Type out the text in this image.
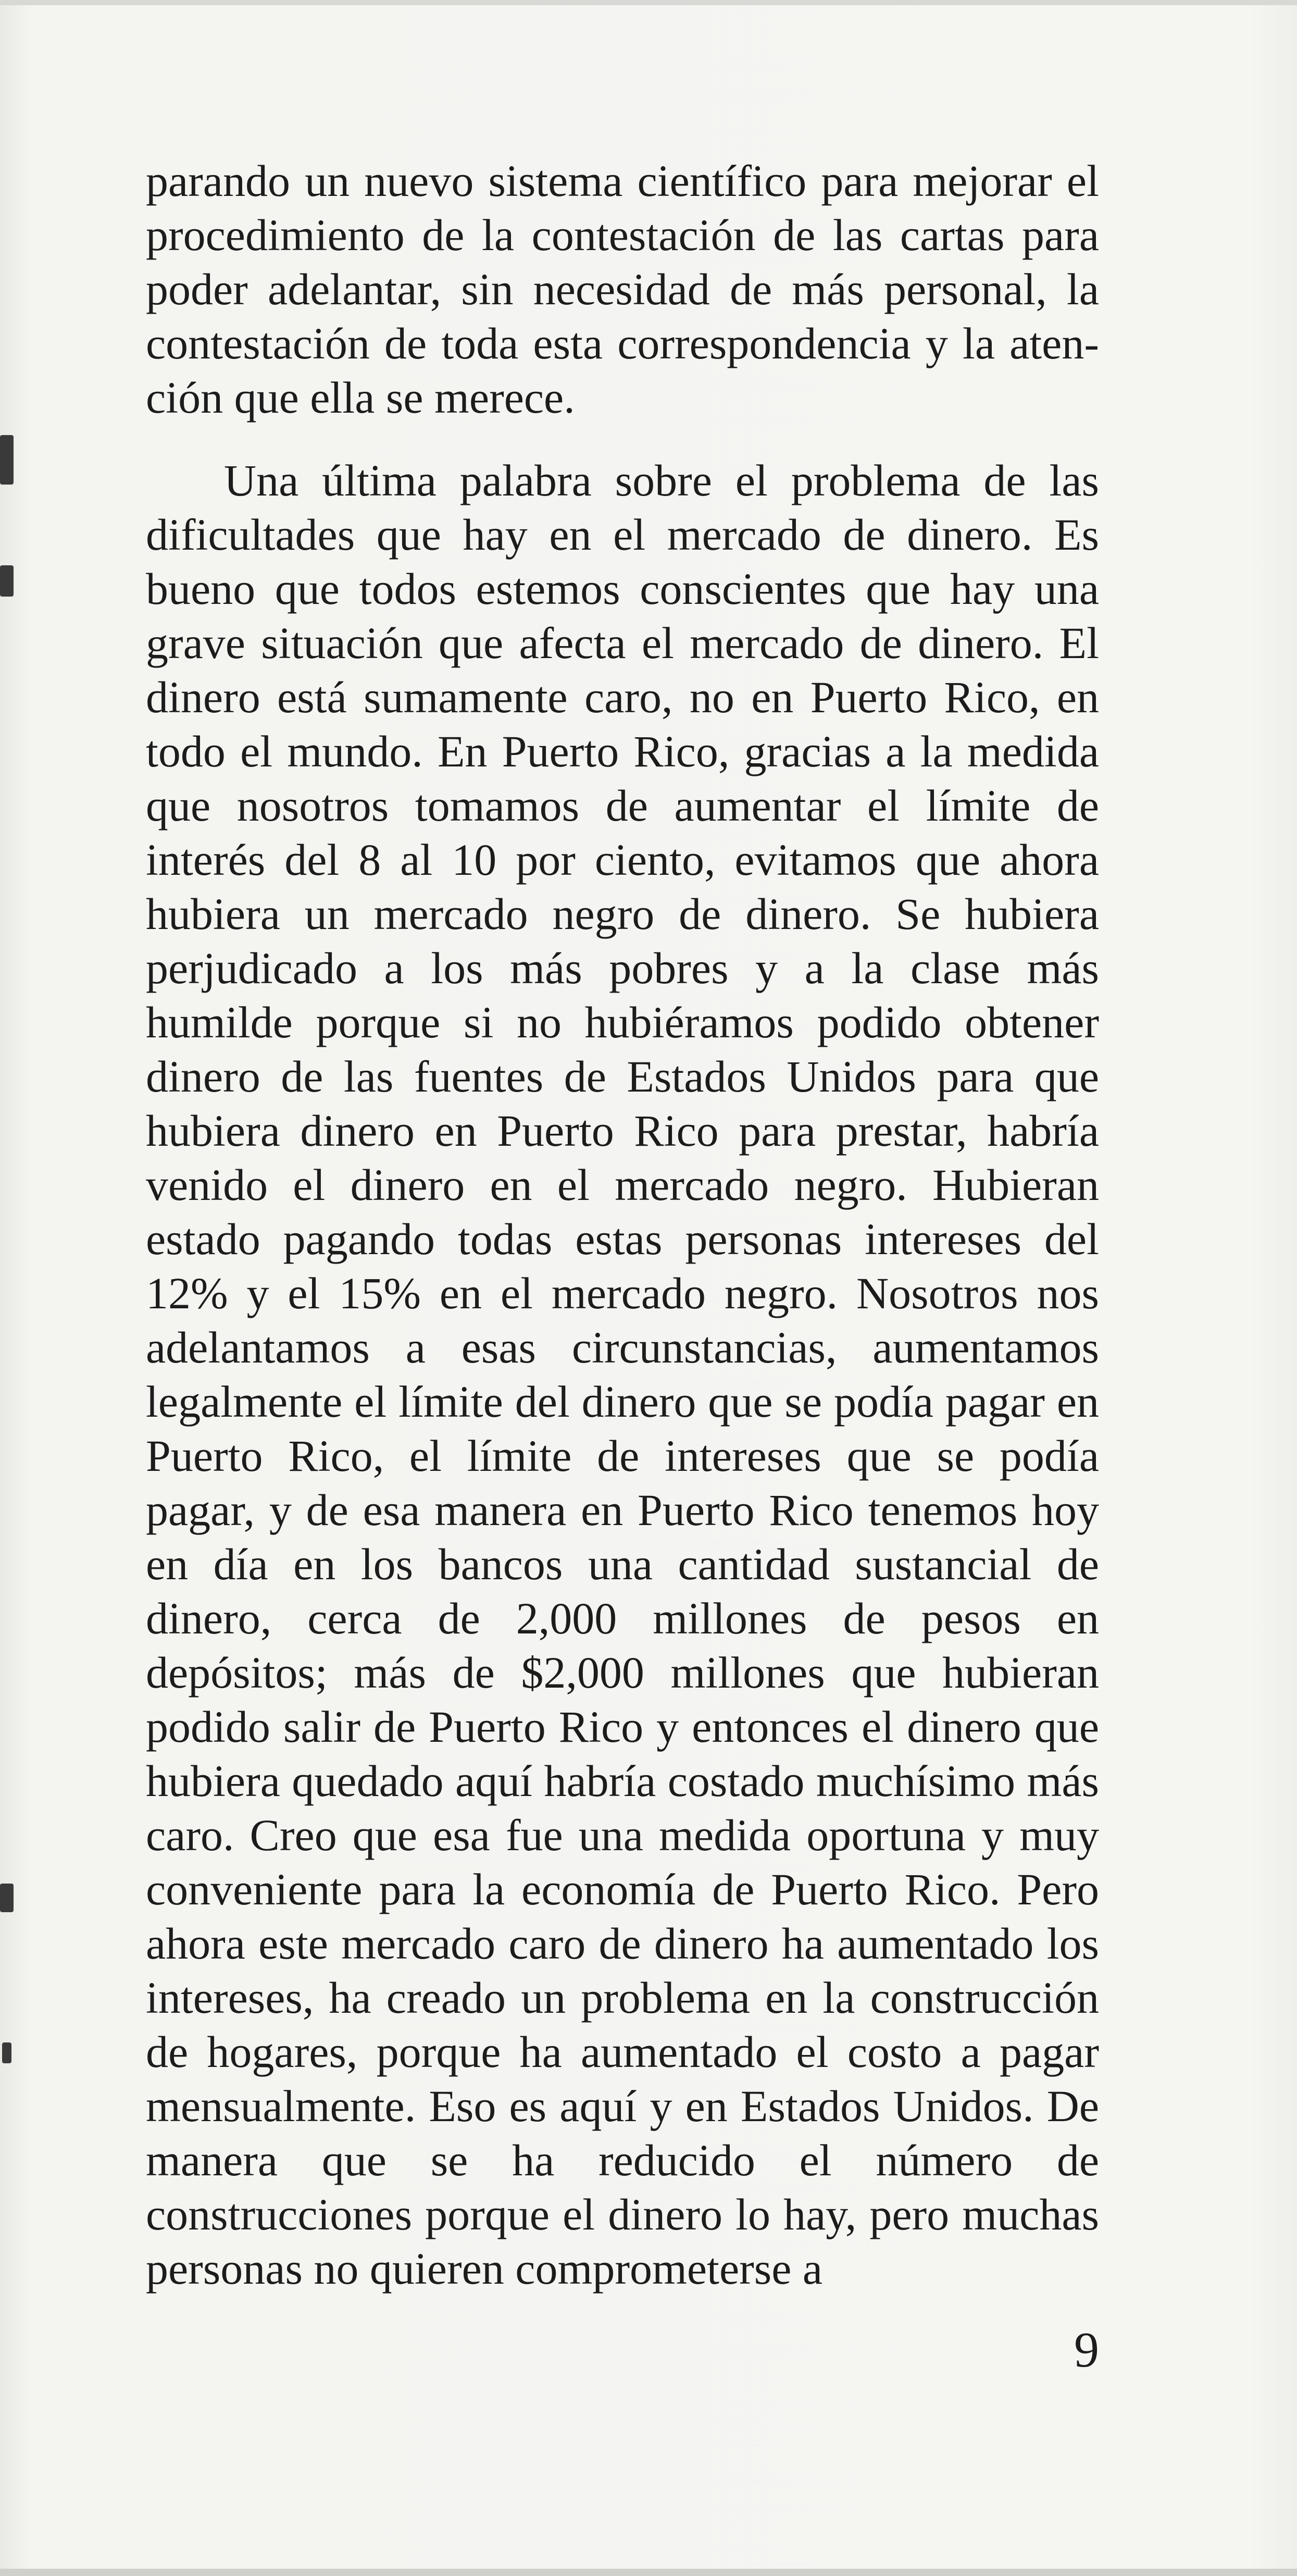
parando un nuevo sistema científico para mejorar el procedimiento de la contestación de las cartas para poder adelantar, sin necesidad de más personal, la contestación de toda esta correspondencia y la atención que ella se merece.

Una última palabra sobre el problema de las dificultades que hay en el mercado de dinero. Es bueno que todos estemos conscientes que hay una grave situación que afecta el mercado de dinero. El dinero está sumamente caro, no en Puerto Rico, en todo el mundo. En Puerto Rico, gracias a la medida que nosotros tomamos de aumentar el límite de interés del 8 al 10 por ciento, evitamos que ahora hubiera un mercado negro de dinero. Se hubiera perjudicado a los más pobres y a la clase más humilde porque si no hubiéramos podido obtener dinero de las fuentes de Estados Unidos para que hubiera dinero en Puerto Rico para prestar, habría venido el dinero en el mercado negro. Hubieran estado pagando todas estas personas intereses del 12% y el 15% en el mercado negro. Nosotros nos adelantamos a esas circunstancias, aumentamos legalmente el límite del dinero que se podía pagar en Puerto Rico, el límite de intereses que se podía pagar, y de esa manera en Puerto Rico tenemos hoy en día en los bancos una cantidad sustancial de dinero, cerca de 2,000 millones de pesos en depósitos; más de $2,000 millones que hubieran podido salir de Puerto Rico y entonces el dinero que hubiera quedado aquí habría costado muchísimo más caro. Creo que esa fue una medida oportuna y muy conveniente para la economía de Puerto Rico. Pero ahora este mercado caro de dinero ha aumentado los intereses, ha creado un problema en la construcción de hogares, porque ha aumentado el costo a pagar mensualmente. Eso es aquí y en Estados Unidos. De manera que se ha reducido el número de construcciones porque el dinero lo hay, pero muchas personas no quieren comprometerse a

9
